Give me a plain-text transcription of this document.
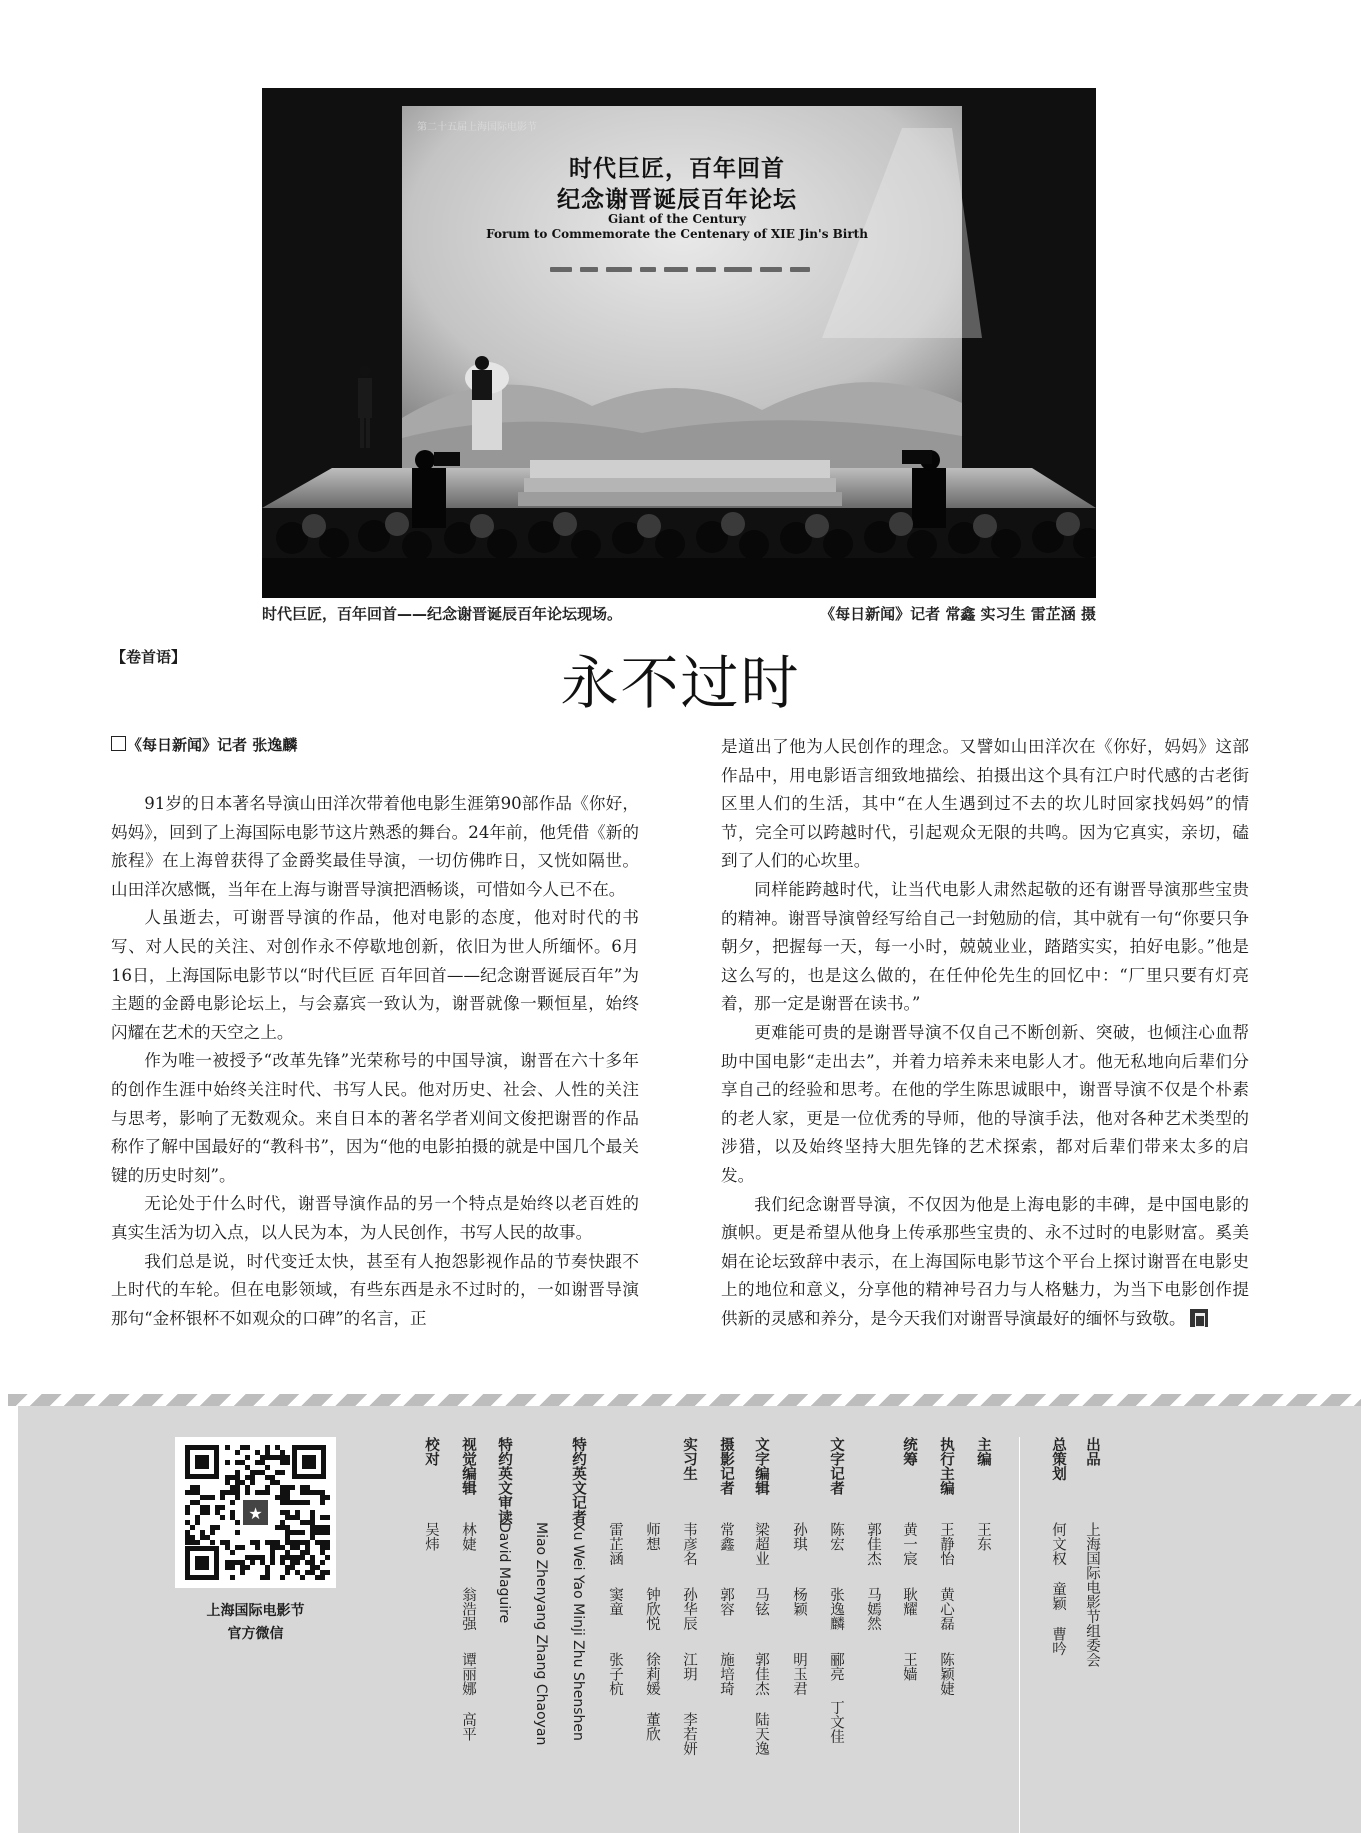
第二十五届上海国际电影节
时代巨匠，百年回首
纪念谢晋诞辰百年论坛
Giant of the Century
Forum to Commemorate the Centenary of XIE Jin's Birth
时代巨匠，百年回首——纪念谢晋诞辰百年论坛现场。	《每日新闻》记者 常鑫 实习生 雷芷涵 摄
【卷首语】	永不过时
《每日新闻》记者 张逸麟

91岁的日本著名导演山田洋次带着他电影生涯第90部作品《你好，妈妈》，回到了上海国际电影节这片熟悉的舞台。24年前，他凭借《新的旅程》在上海曾获得了金爵奖最佳导演，一切仿佛昨日，又恍如隔世。山田洋次感慨，当年在上海与谢晋导演把酒畅谈，可惜如今人已不在。

人虽逝去，可谢晋导演的作品，他对电影的态度，他对时代的书写、对人民的关注、对创作永不停歇地创新，依旧为世人所缅怀。6月16日，上海国际电影节以“时代巨匠 百年回首——纪念谢晋诞辰百年”为主题的金爵电影论坛上，与会嘉宾一致认为，谢晋就像一颗恒星，始终闪耀在艺术的天空之上。

作为唯一被授予“改革先锋”光荣称号的中国导演，谢晋在六十多年的创作生涯中始终关注时代、书写人民。他对历史、社会、人性的关注与思考，影响了无数观众。来自日本的著名学者刈间文俊把谢晋的作品称作了解中国最好的“教科书”，因为“他的电影拍摄的就是中国几个最关键的历史时刻”。

无论处于什么时代，谢晋导演作品的另一个特点是始终以老百姓的真实生活为切入点，以人民为本，为人民创作，书写人民的故事。

我们总是说，时代变迁太快，甚至有人抱怨影视作品的节奏快跟不上时代的车轮。但在电影领域，有些东西是永不过时的，一如谢晋导演那句“金杯银杯不如观众的口碑”的名言，正

是道出了他为人民创作的理念。又譬如山田洋次在《你好，妈妈》这部作品中，用电影语言细致地描绘、拍摄出这个具有江户时代感的古老街区里人们的生活，其中“在人生遇到过不去的坎儿时回家找妈妈”的情节，完全可以跨越时代，引起观众无限的共鸣。因为它真实，亲切，磕到了人们的心坎里。

同样能跨越时代，让当代电影人肃然起敬的还有谢晋导演那些宝贵的精神。谢晋导演曾经写给自己一封勉励的信，其中就有一句“你要只争朝夕，把握每一天，每一小时，兢兢业业，踏踏实实，拍好电影。”他是这么写的，也是这么做的，在任仲伦先生的回忆中：“厂里只要有灯亮着，那一定是谢晋在读书。”

更难能可贵的是谢晋导演不仅自己不断创新、突破，也倾注心血帮助中国电影“走出去”，并着力培养未来电影人才。他无私地向后辈们分享自己的经验和思考。在他的学生陈思诚眼中，谢晋导演不仅是个朴素的老人家，更是一位优秀的导师，他的导演手法，他对各种艺术类型的涉猎，以及始终坚持大胆先锋的艺术探索，都对后辈们带来太多的启发。

我们纪念谢晋导演，不仅因为他是上海电影的丰碑，是中国电影的旗帜。更是希望从他身上传承那些宝贵的、永不过时的电影财富。奚美娟在论坛致辞中表示，在上海国际电影节这个平台上探讨谢晋在电影史上的地位和意义，分享他的精神号召力与人格魅力，为当下电影创作提供新的灵感和养分，是今天我们对谢晋导演最好的缅怀与致敬。

★
上海国际电影节
官方微信

出品

总策划

主编

执行主编

统筹

文字记者

文字编辑

摄影记者

实习生

特约英文记者

特约英文审读

视觉编辑

校对

上海国际电影节组委会

何文权 童颖 曹吟

王东

王静怡

黄心磊

陈颖婕

黄一宸

耿耀

王嫱

郭佳杰

马嫣然

陈宏

张逸麟

郦亮

丁文佳

孙琪

杨颖

明玉君

梁超业

马铉

郭佳杰

陆天逸

常鑫

郭容

施培琦

韦彦名

孙华辰

江玥

李若妍

师想

钟欣悦

徐莉媛

董欣

雷芷涵

窦童

张子杭

Xu Wei Yao Minji Zhu Shenshen

Miao Zhenyang Zhang Chaoyan

David Maguire

林婕

翁浩强

谭丽娜

高平

吴炜
